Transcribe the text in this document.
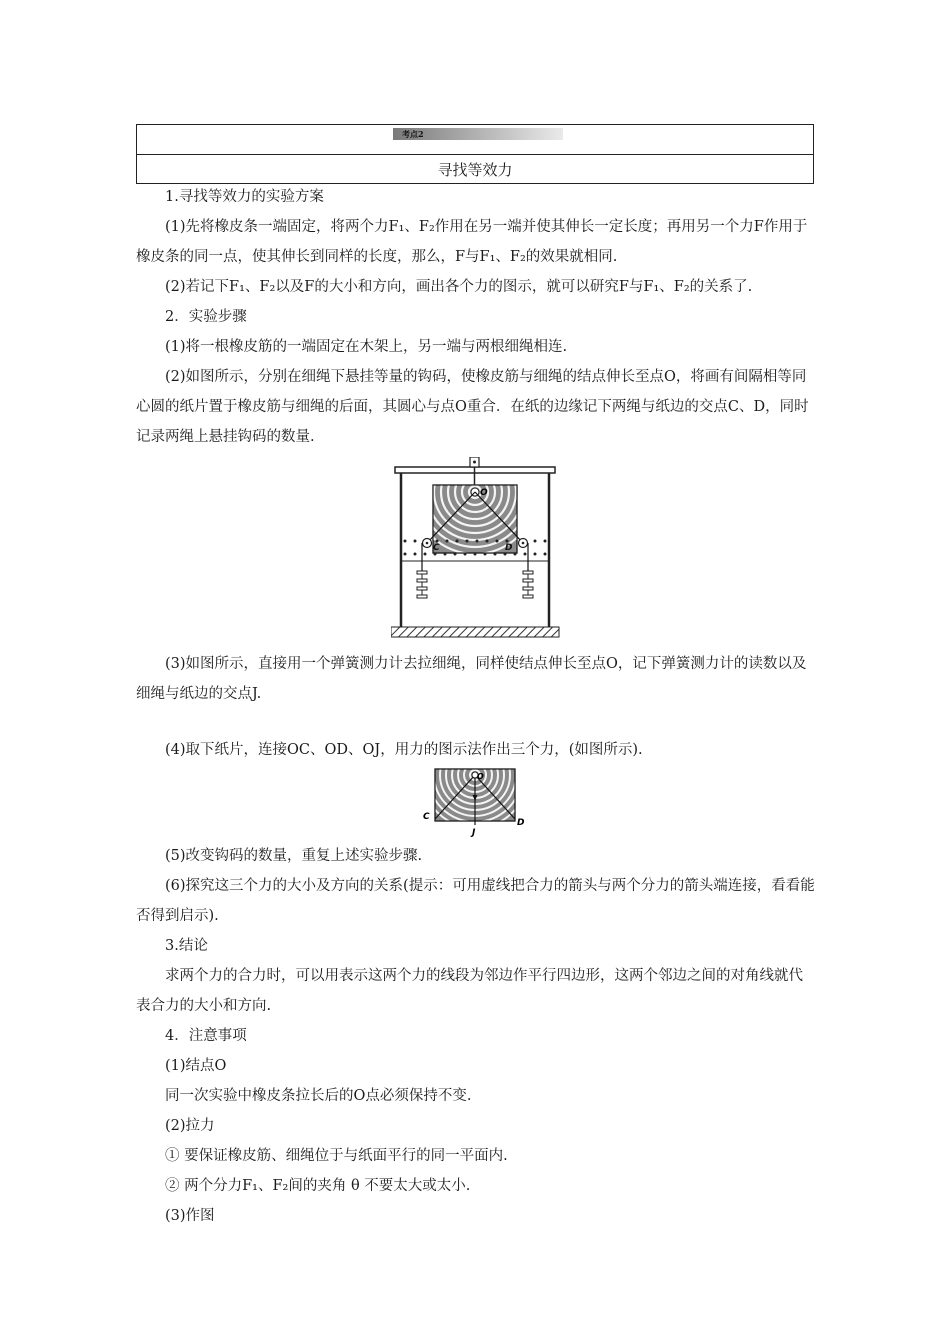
考点2
寻找等效力

1.寻找等效力的实验方案

(1)先将橡皮条一端固定，将两个力F₁、F₂作用在另一端并使其伸长一定长度；再用另一个力F作用于橡皮条的同一点，使其伸长到同样的长度，那么，F与F₁、F₂的效果就相同.

(2)若记下F₁、F₂以及F的大小和方向，画出各个力的图示，就可以研究F与F₁、F₂的关系了.

2．实验步骤

(1)将一根橡皮筋的一端固定在木架上，另一端与两根细绳相连.

(2)如图所示，分别在细绳下悬挂等量的钩码，使橡皮筋与细绳的结点伸长至点O，将画有间隔相等同心圆的纸片置于橡皮筋与细绳的后面，其圆心与点O重合．在纸的边缘记下两绳与纸边的交点C、D，同时记录两绳上悬挂钩码的数量.

O
C	D

(3)如图所示，直接用一个弹簧测力计去拉细绳，同样使结点伸长至点O，记下弹簧测力计的读数以及细绳与纸边的交点J.

(4)取下纸片，连接OC、OD、OJ，用力的图示法作出三个力，(如图所示).

O
C
D
J

(5)改变钩码的数量，重复上述实验步骤.

(6)探究这三个力的大小及方向的关系(提示：可用虚线把合力的箭头与两个分力的箭头端连接，看看能否得到启示).

3.结论

求两个力的合力时，可以用表示这两个力的线段为邻边作平行四边形，这两个邻边之间的对角线就代表合力的大小和方向.

4．注意事项

(1)结点O

同一次实验中橡皮条拉长后的O点必须保持不变.

(2)拉力

① 要保证橡皮筋、细绳位于与纸面平行的同一平面内.

② 两个分力F₁、F₂间的夹角 θ 不要太大或太小.

(3)作图
